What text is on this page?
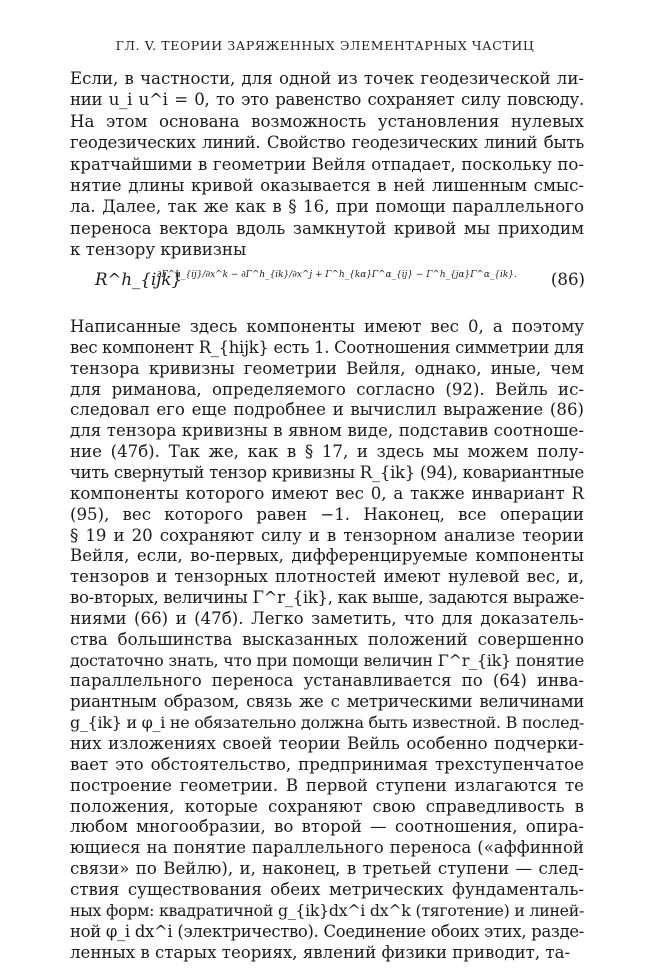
ГЛ. V. ТЕОРИИ ЗАРЯЖЕННЫХ ЭЛЕМЕНТАРНЫХ ЧАСТИЦ
Если, в частности, для одной из точек геодезической ли-
нии u_i u^i = 0, то это равенство сохраняет силу повсюду.
На этом основана возможность установления нулевых
геодезических линий. Свойство геодезических линий быть
кратчайшими в геометрии Вейля отпадает, поскольку по-
нятие длины кривой оказывается в ней лишенным смыс-
ла. Далее, так же как в § 16, при помощи параллельного
переноса вектора вдоль замкнутой кривой мы приходим
к тензору кривизны
R^h_{ijk}
∂Γ^h_{ij}/∂x^k − ∂Γ^h_{ik}/∂x^j + Γ^h_{kα}Γ^α_{ij} − Γ^h_{jα}Γ^α_{ik}. (86)
Написанные здесь компоненты имеют вес 0, а поэтому
вес компонент R_{hijk} есть 1. Соотношения симметрии для
тензора кривизны геометрии Вейля, однако, иные, чем
для риманова, определяемого согласно (92). Вейль ис-
следовал его еще подробнее и вычислил выражение (86)
для тензора кривизны в явном виде, подставив соотноше-
ние (47б). Так же, как в § 17, и здесь мы можем полу-
чить свернутый тензор кривизны R_{ik} (94), ковариантные
компоненты которого имеют вес 0, а также инвариант R
(95), вес которого равен −1. Наконец, все операции
§ 19 и 20 сохраняют силу и в тензорном анализе теории
Вейля, если, во-первых, дифференцируемые компоненты
тензоров и тензорных плотностей имеют нулевой вес, и,
во-вторых, величины Γ^r_{ik}, как выше, задаются выраже-
ниями (66) и (47б). Легко заметить, что для доказатель-
ства большинства высказанных положений совершенно
достаточно знать, что при помощи величин Γ^r_{ik} понятие
параллельного переноса устанавливается по (64) инва-
риантным образом, связь же с метрическими величинами
g_{ik} и φ_i не обязательно должна быть известной. В послед-
них изложениях своей теории Вейль особенно подчерки-
вает это обстоятельство, предпринимая трехступенчатое
построение геометрии. В первой ступени излагаются те
положения, которые сохраняют свою справедливость в
любом многообразии, во второй — соотношения, опира-
ющиеся на понятие параллельного переноса («аффинной
связи» по Вейлю), и, наконец, в третьей ступени — след-
ствия существования обеих метрических фундаменталь-
ных форм: квадратичной g_{ik}dx^i dx^k (тяготение) и линей-
ной φ_i dx^i (электричество). Соединение обоих этих, разде-
ленных в старых теориях, явлений физики приводит, та-
